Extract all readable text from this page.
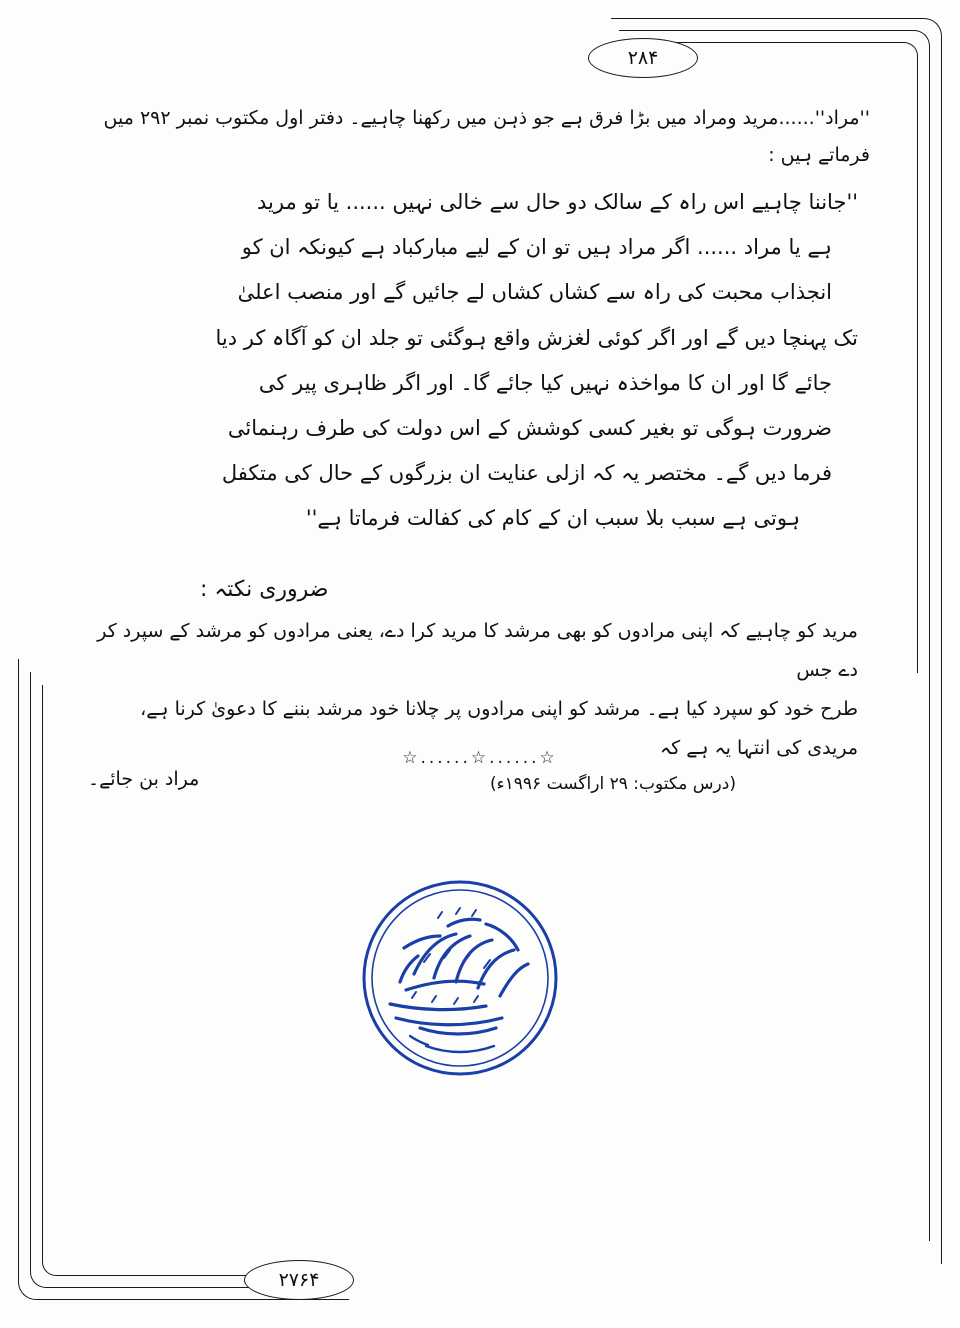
۲۸۴
۲۷۶۴

''مراد''......مرید ومراد میں بڑا فرق ہے جو ذہن میں رکھنا چاہیے۔ دفتر اول مکتوب نمبر ۲۹۲ میں فرماتے ہیں :

''جاننا چاہیے اس راہ کے سالک دو حال سے خالی نہیں ...... یا تو مرید
ہے یا مراد ...... اگر مراد ہیں تو ان کے لیے مبارکباد ہے کیونکہ ان کو
انجذاب محبت کی راہ سے کشاں کشاں لے جائیں گے اور منصب اعلیٰ
تک پہنچا دیں گے اور اگر کوئی لغزش واقع ہوگئی تو جلد ان کو آگاہ کر دیا
جائے گا اور ان کا مواخذہ نہیں کیا جائے گا۔ اور اگر ظاہری پیر کی
ضرورت ہوگی تو بغیر کسی کوشش کے اس دولت کی طرف رہنمائی
فرما دیں گے۔ مختصر یہ کہ ازلی عنایت ان بزرگوں کے حال کی متکفل
ہوتی ہے سبب بلا سبب ان کے کام کی کفالت فرماتا ہے''
ضروری نکتہ :
مرید کو چاہیے کہ اپنی مرادوں کو بھی مرشد کا مرید کرا دے، یعنی مرادوں کو مرشد کے سپرد کر دے جس
طرح خود کو سپرد کیا ہے۔ مرشد کو اپنی مرادوں پر چلانا خود مرشد بننے کا دعویٰ کرنا ہے، مریدی کی انتہا یہ ہے کہ
(درس مکتوب: ۲۹ اراگست ۱۹۹۶ء)
مراد بن جائے۔
☆......☆......☆
